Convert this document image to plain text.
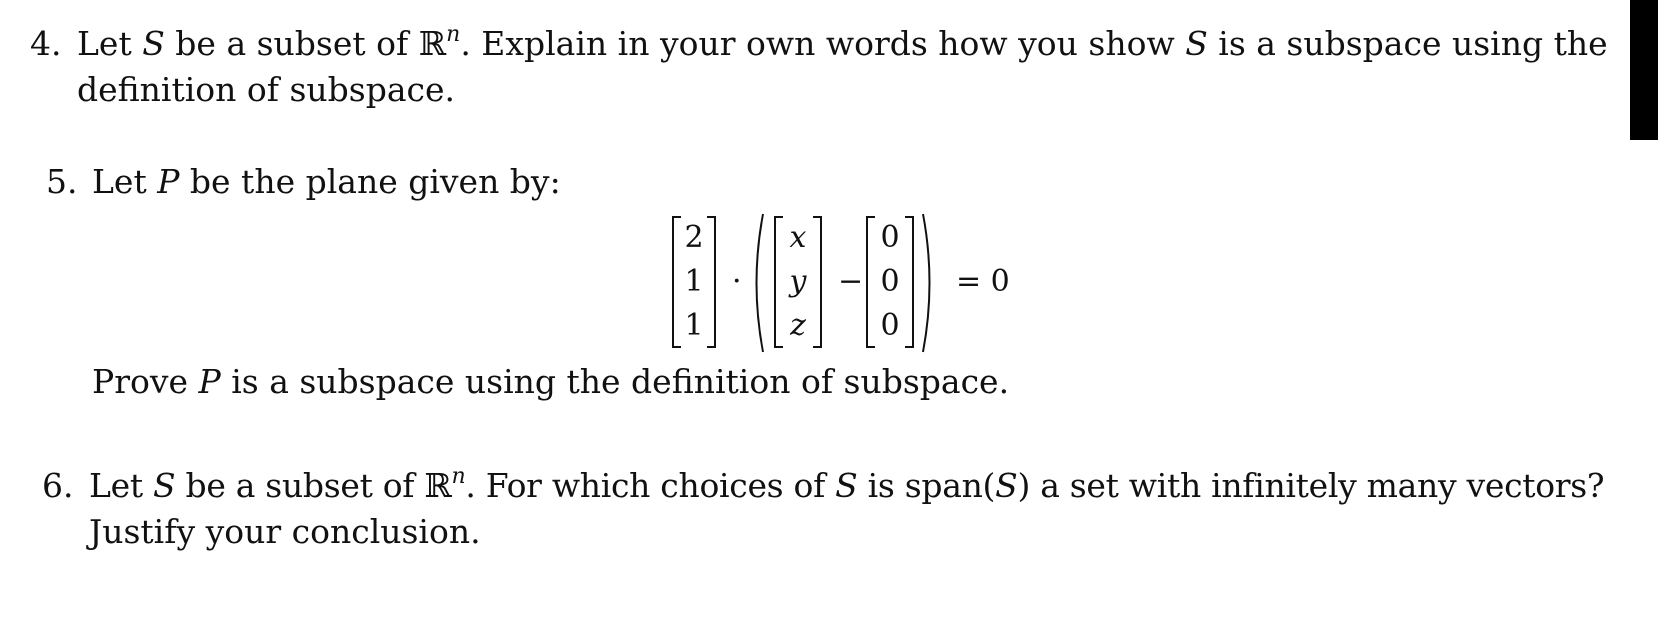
4. Let S be a subset of ℝ$^n$. Explain in your own words how you show S is a subspace using the
definition of subspace.
5. Let P be the plane given by:
2
1
1
·
x
y
z
−
0
0
0
= 0
Prove P is a subspace using the definition of subspace.
6. Let S be a subset of ℝ$^n$. For which choices of S is span(S) a set with infinitely many vectors?
Justify your conclusion.
